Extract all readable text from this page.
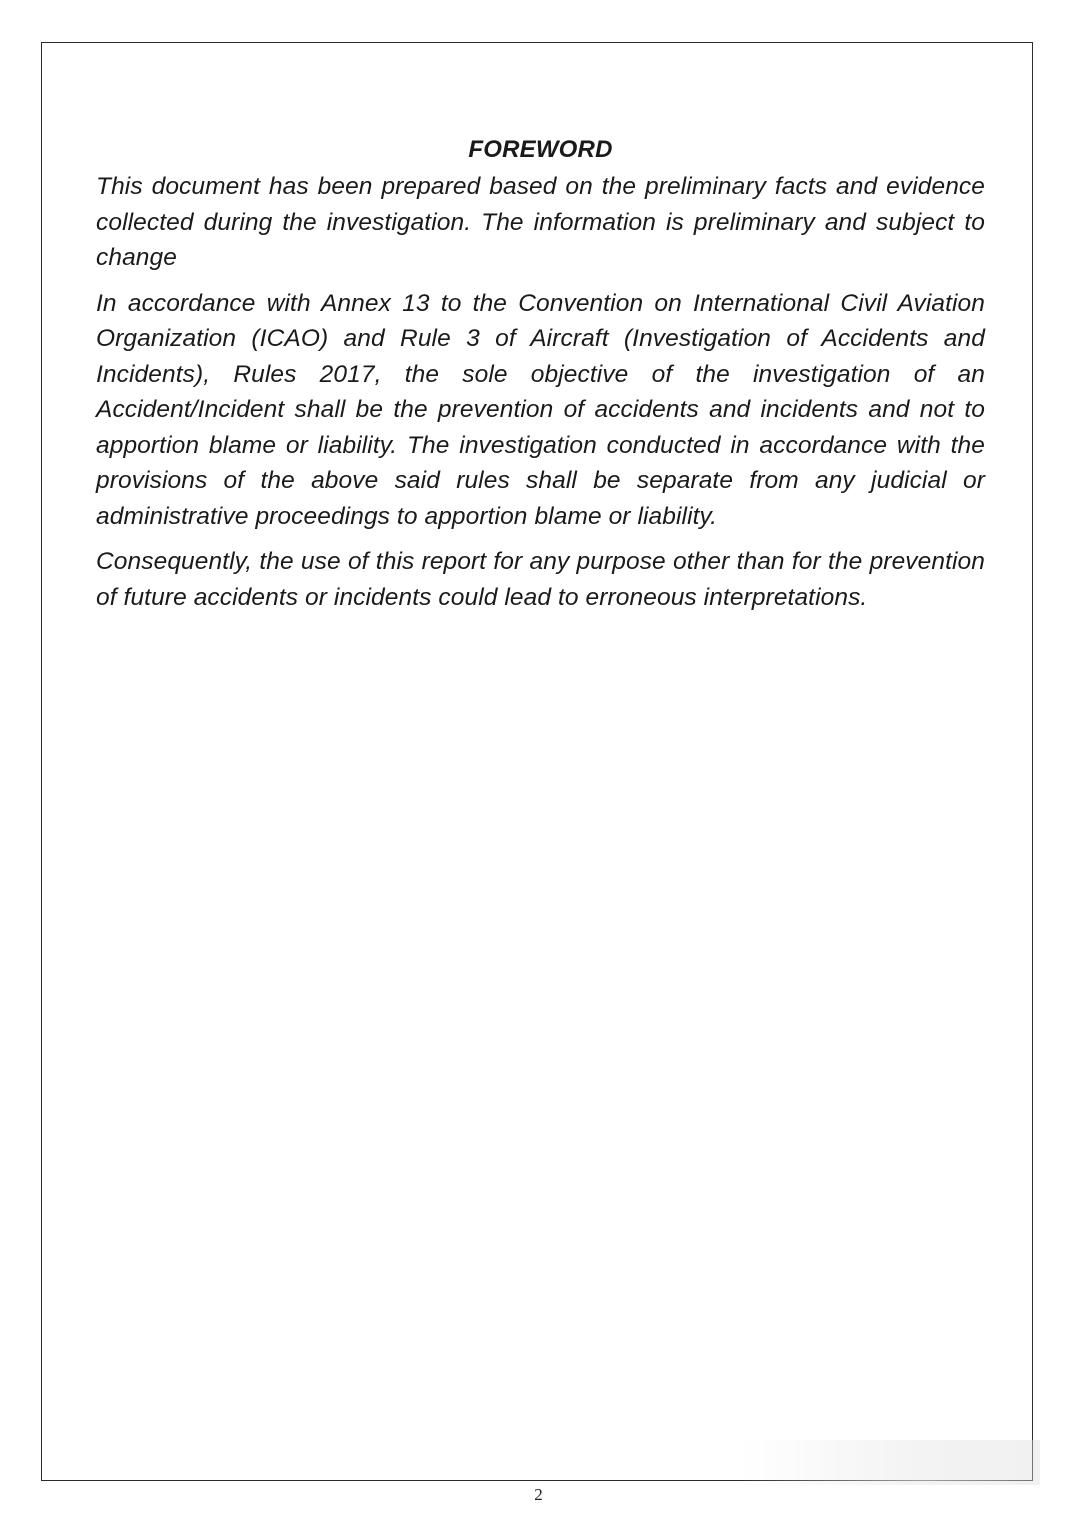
FOREWORD

This document has been prepared based on the preliminary facts and evidence collected during the investigation. The information is preliminary and subject to change

In accordance with Annex 13 to the Convention on International Civil Aviation Organization (ICAO) and Rule 3 of Aircraft (Investigation of Accidents and Incidents), Rules 2017, the sole objective of the investigation of an Accident/Incident shall be the prevention of accidents and incidents and not to apportion blame or liability. The investigation conducted in accordance with the provisions of the above said rules shall be separate from any judicial or administrative proceedings to apportion blame or liability.

Consequently, the use of this report for any purpose other than for the prevention of future accidents or incidents could lead to erroneous interpretations.

2
